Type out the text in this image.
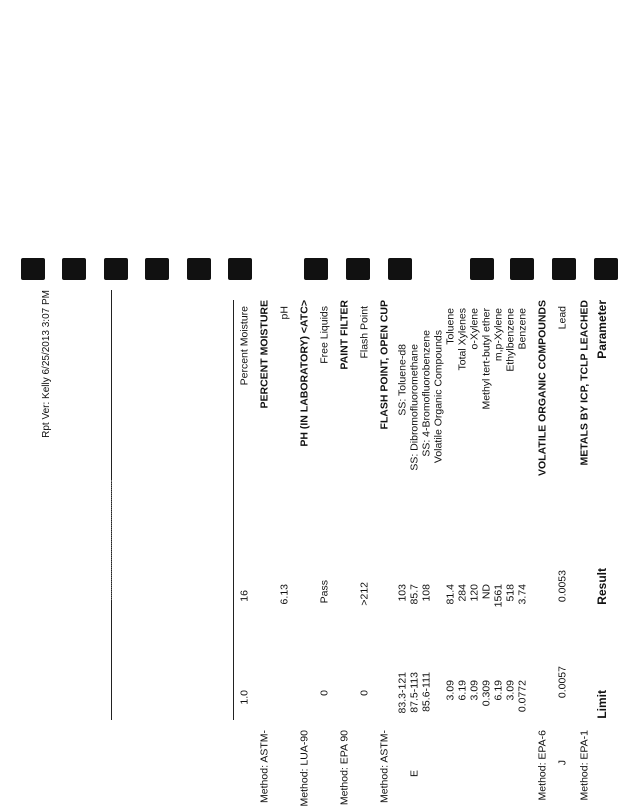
Parameter
Result
Limit
METALS BY ICP, TCLP LEACHED
Method: EPA-1
Lead
0.0053
0.0057
J
VOLATILE ORGANIC COMPOUNDS
Method: EPA-6
Benzene
3.74
0.0772
Ethylbenzene
518
3.09
m,p-Xylene
1561
6.19
Methyl tert-butyl ether
ND
0.309
o-Xylene
120
3.09
Total Xylenes
284
6.19
Toluene
81.4
3.09
Volatile Organic Compounds
SS: 4-Bromofluorobenzene
108
85.6-111
SS: Dibromofluoromethane
85.7
87.5-113
E
SS: Toluene-d8
103
83.3-121
FLASH POINT, OPEN CUP
Method: ASTM-
Flash Point
>212
0
PAINT FILTER
Method: EPA 90
Free Liquids
Pass
0
PH (IN LABORATORY) <ATC>
Method: LUA-90
pH
6.13
PERCENT MOISTURE
Method: ASTM-
Percent Moisture
16
1.0
Rpt Ver: Kelly 6/25/2013 3:07 PM
